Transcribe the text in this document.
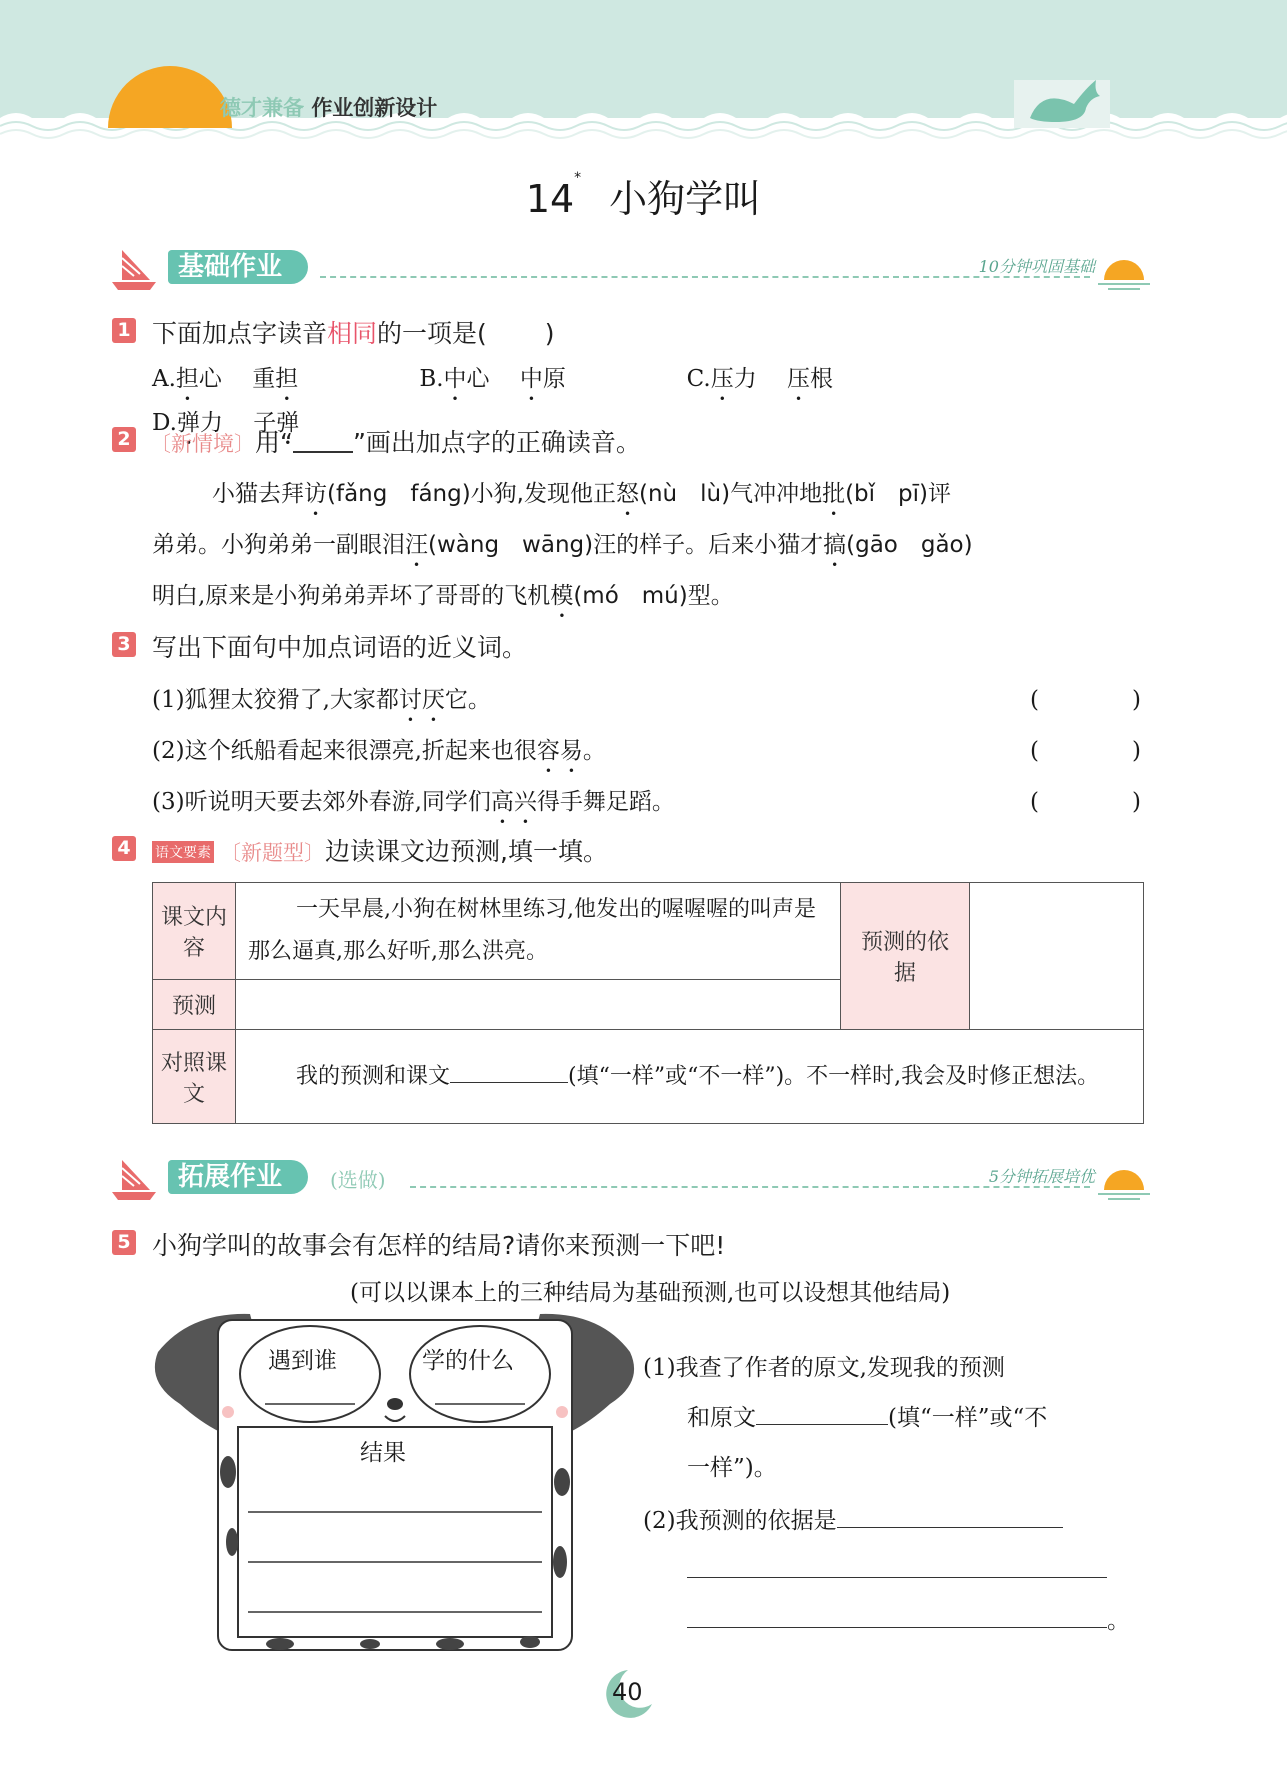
德才兼备 作业创新设计
14* 小狗学叫
基础作业	10分钟巩固基础
1 下面加点字读音相同的一项是( )
A.担心　 重担	B.中心　 中原	C.压力　 压根 D.弹力　 子弹
2 〔新情境〕用“ ”画出加点字的正确读音。
小猫去拜访(fǎng　fáng)小狗,发现他正怒(nù　lù)气冲冲地批(bǐ　pī)评
弟弟。小狗弟弟一副眼泪汪(wàng　wāng)汪的样子。后来小猫才搞(gāo　gǎo)
明白,原来是小狗弟弟弄坏了哥哥的飞机模(mó　mú)型。
3 写出下面句中加点词语的近义词。
(1)狐狸太狡猾了,大家都讨厌它。	(	)
(2)这个纸船看起来很漂亮,折起来也很容易。	(	)
(3)听说明天要去郊外春游,同学们高兴得手舞足蹈。	(	)
4	语文要素 〔新题型〕边读课文边预测,填一填。
课文内容	一天早晨,小狗在树林里练习,他发出的喔喔喔的叫声是那么逼真,那么好听,那么洪亮。	预测的依据	
预测			
对照课文	我的预测和课文 (填“一样”或“不一样”)。不一样时,我会及时修正想法。		
拓展作业	(选做)	5分钟拓展培优
5 小狗学叫的故事会有怎样的结局?请你来预测一下吧!
(可以以课本上的三种结局为基础预测,也可以设想其他结局)
遇到谁	学的什么
结果
(1)我查了作者的原文,发现我的预测
和原文	(填“一样”或“不
一样”)。
(2)我预测的依据是
。
40
